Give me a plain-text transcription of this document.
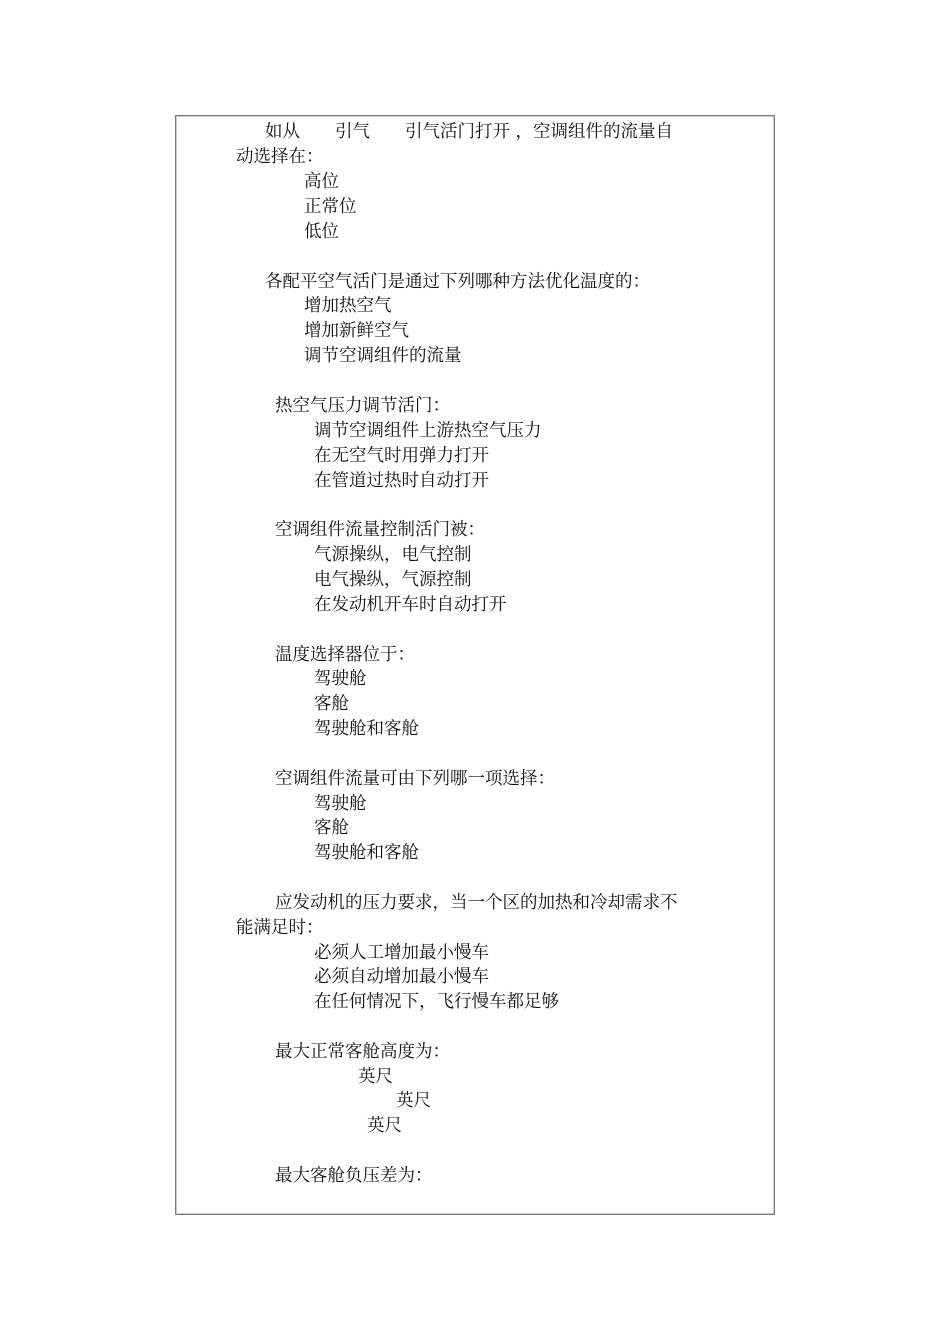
如从　　引气　　引气活门打开 ，空调组件的流量自
动选择在：
高位
正常位
低位
各配平空气活门是通过下列哪种方法优化温度的：
增加热空气
增加新鲜空气
调节空调组件的流量
热空气压力调节活门：
调节空调组件上游热空气压力
在无空气时用弹力打开
在管道过热时自动打开
空调组件流量控制活门被：
气源操纵，电气控制
电气操纵，气源控制
在发动机开车时自动打开
温度选择器位于：
驾驶舱
客舱
驾驶舱和客舱
空调组件流量可由下列哪一项选择：
驾驶舱
客舱
驾驶舱和客舱
应发动机的压力要求，当一个区的加热和冷却需求不
能满足时：
必须人工增加最小慢车
必须自动增加最小慢车
在任何情况下，飞行慢车都足够
最大正常客舱高度为：
英尺
英尺
英尺
最大客舱负压差为：
